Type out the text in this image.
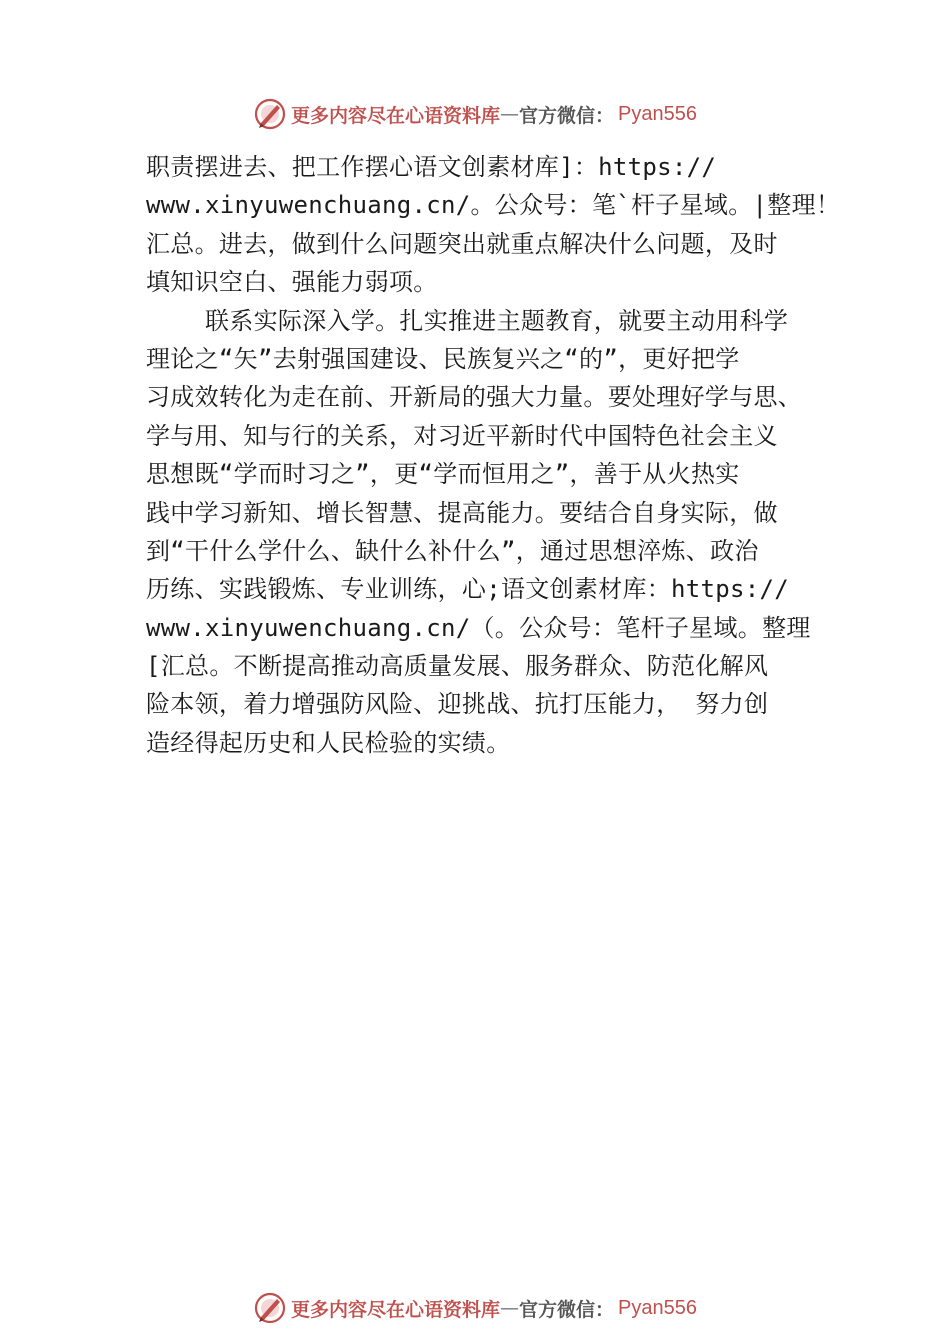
更多内容尽在心语资料库 — 官方微信： Pyan556
职责摆进去、把工作摆心语文创素材库]：https://
www.xinyuwenchuang.cn/。公众号：笔`杆子星域。|整理！
汇总。进去，做到什么问题突出就重点解决什么问题，及时
填知识空白、强能力弱项。
联系实际深入学。扎实推进主题教育，就要主动用科学
理论之“矢”去射强国建设、民族复兴之“的”，更好把学
习成效转化为走在前、开新局的强大力量。要处理好学与思、
学与用、知与行的关系，对习近平新时代中国特色社会主义
思想既“学而时习之”，更“学而恒用之”，善于从火热实
践中学习新知、增长智慧、提高能力。要结合自身实际，做
到“干什么学什么、缺什么补什么”，通过思想淬炼、政治
历练、实践锻炼、专业训练，心;语文创素材库：https://
www.xinyuwenchuang.cn/（。公众号：笔杆子星域。整理
[汇总。不断提高推动高质量发展、服务群众、防范化解风
险本领，着力增强防风险、迎挑战、抗打压能力， 努力创
造经得起历史和人民检验的实绩。
更多内容尽在心语资料库 — 官方微信： Pyan556
